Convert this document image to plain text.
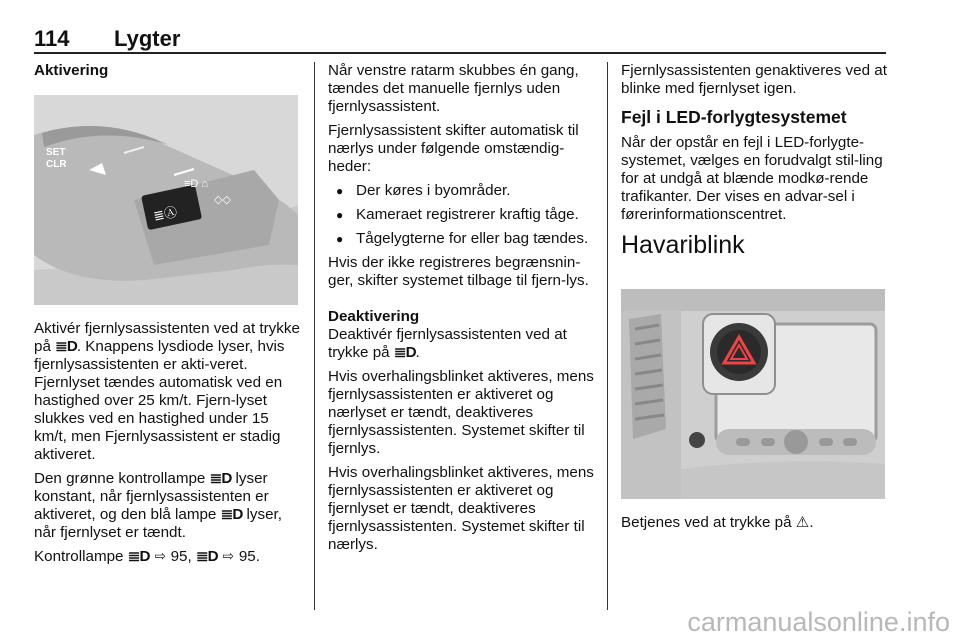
114 Lygter

Aktivering

≣Ⓐ
SET
CLR
≡D ⌂
◇◇

Aktivér fjernlysassistenten ved at trykke på ≣D. Knappens lysdiode lyser, hvis fjernlysassistenten er akti-veret. Fjernlyset tændes automatisk ved en hastighed over 25 km/t. Fjern-lyset slukkes ved en hastighed under 15 km/t, men Fjernlysassistent er stadig aktiveret.

Den grønne kontrollampe ≣D lyser konstant, når fjernlysassistenten er aktiveret, og den blå lampe ≣D lyser, når fjernlyset er tændt.

Kontrollampe ≣D ⇨ 95, ≣D ⇨ 95.

Når venstre ratarm skubbes én gang, tændes det manuelle fjernlys uden fjernlysassistent.

Fjernlysassistent skifter automatisk til nærlys under følgende omstændig-heder:

● Der køres i byområder.
● Kameraet registrerer kraftig tåge.
● Tågelygterne for eller bag tændes.

Hvis der ikke registreres begrænsnin-ger, skifter systemet tilbage til fjern-lys.

Deaktivering

Deaktivér fjernlysassistenten ved at trykke på ≣D.

Hvis overhalingsblinket aktiveres, mens fjernlysassistenten er aktiveret og nærlyset er tændt, deaktiveres fjernlysassistenten. Systemet skifter til fjernlys.

Hvis overhalingsblinket aktiveres, mens fjernlysassistenten er aktiveret og fjernlyset er tændt, deaktiveres fjernlysassistenten. Systemet skifter til nærlys.

Fjernlysassistenten genaktiveres ved at blinke med fjernlyset igen.

Fejl i LED-forlygtesystemet

Når der opstår en fejl i LED-forlygte-systemet, vælges en forudvalgt stil-ling for at undgå at blænde modkø-rende trafikanter. Der vises en advar-sel i førerinformationscentret.

Havariblink

Betjenes ved at trykke på ⚠.

carmanualsonline.info
